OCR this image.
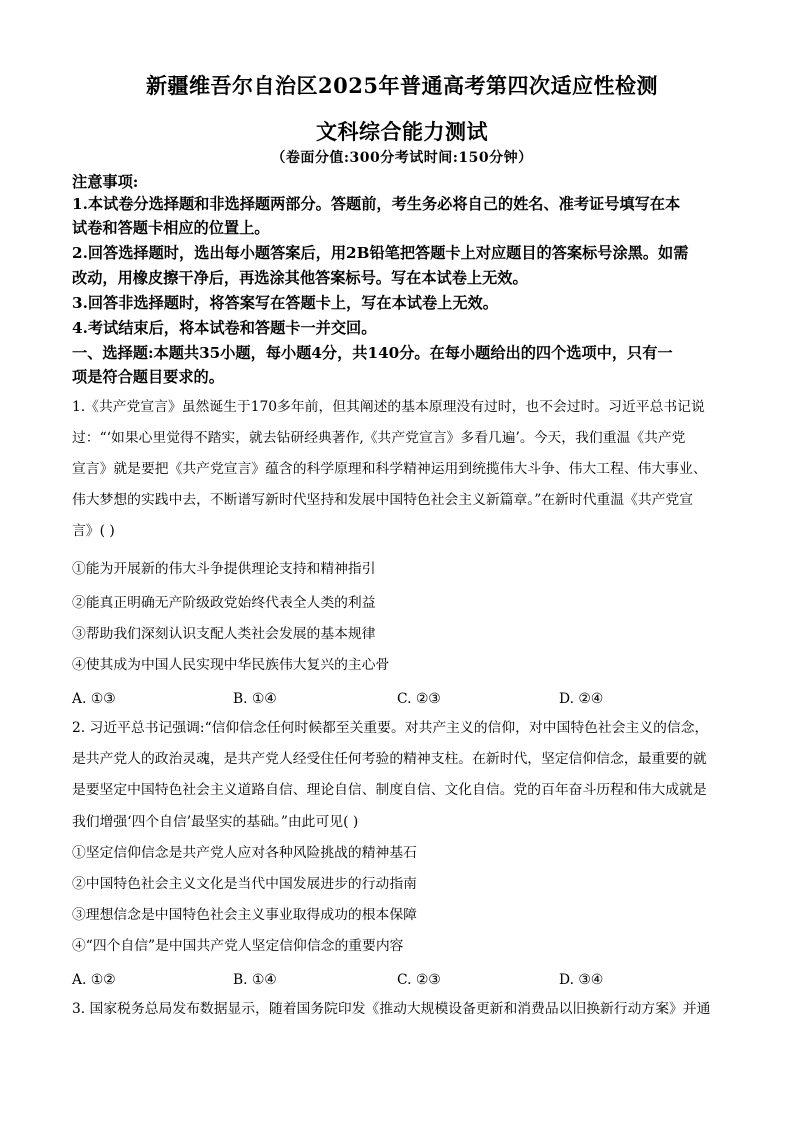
新疆维吾尔自治区2025年普通高考第四次适应性检测
文科综合能力测试
（卷面分值:300分考试时间:150分钟）
注意事项:
1.本试卷分选择题和非选择题两部分。答题前，考生务必将自己的姓名、准考证号填写在本
试卷和答题卡相应的位置上。
2.回答选择题时，选出每小题答案后，用2B铅笔把答题卡上对应题目的答案标号涂黑。如需
改动，用橡皮擦干净后，再选涂其他答案标号。写在本试卷上无效。
3.回答非选择题时，将答案写在答题卡上，写在本试卷上无效。
4.考试结束后，将本试卷和答题卡一并交回。
一、选择题:本题共35小题，每小题4分，共140分。在每小题给出的四个选项中，只有一
项是符合题目要求的。
1.《共产党宣言》虽然诞生于170多年前，但其阐述的基本原理没有过时，也不会过时。习近平总书记说
过：“‘如果心里觉得不踏实，就去钻研经典著作,《共产党宣言》多看几遍’。今天，我们重温《共产党
宣言》就是要把《共产党宣言》蕴含的科学原理和科学精神运用到统揽伟大斗争、伟大工程、伟大事业、
伟大梦想的实践中去，不断谱写新时代坚持和发展中国特色社会主义新篇章。”在新时代重温《共产党宣
言》( )
①能为开展新的伟大斗争提供理论支持和精神指引
②能真正明确无产阶级政党始终代表全人类的利益
③帮助我们深刻认识支配人类社会发展的基本规律
④使其成为中国人民实现中华民族伟大复兴的主心骨
A. ①③	B. ①④	C. ②③	D. ②④
2. 习近平总书记强调:“信仰信念任何时候都至关重要。对共产主义的信仰，对中国特色社会主义的信念，
是共产党人的政治灵魂，是共产党人经受住任何考验的精神支柱。在新时代，坚定信仰信念，最重要的就
是要坚定中国特色社会主义道路自信、理论自信、制度自信、文化自信。党的百年奋斗历程和伟大成就是
我们增强‘四个自信’最坚实的基础。”由此可见( )
①坚定信仰信念是共产党人应对各种风险挑战的精神基石
②中国特色社会主义文化是当代中国发展进步的行动指南
③理想信念是中国特色社会主义事业取得成功的根本保障
④“四个自信”是中国共产党人坚定信仰信念的重要内容
A. ①②	B. ①④	C. ②③	D. ③④
3. 国家税务总局发布数据显示，随着国务院印发《推动大规模设备更新和消费品以旧换新行动方案》并通
